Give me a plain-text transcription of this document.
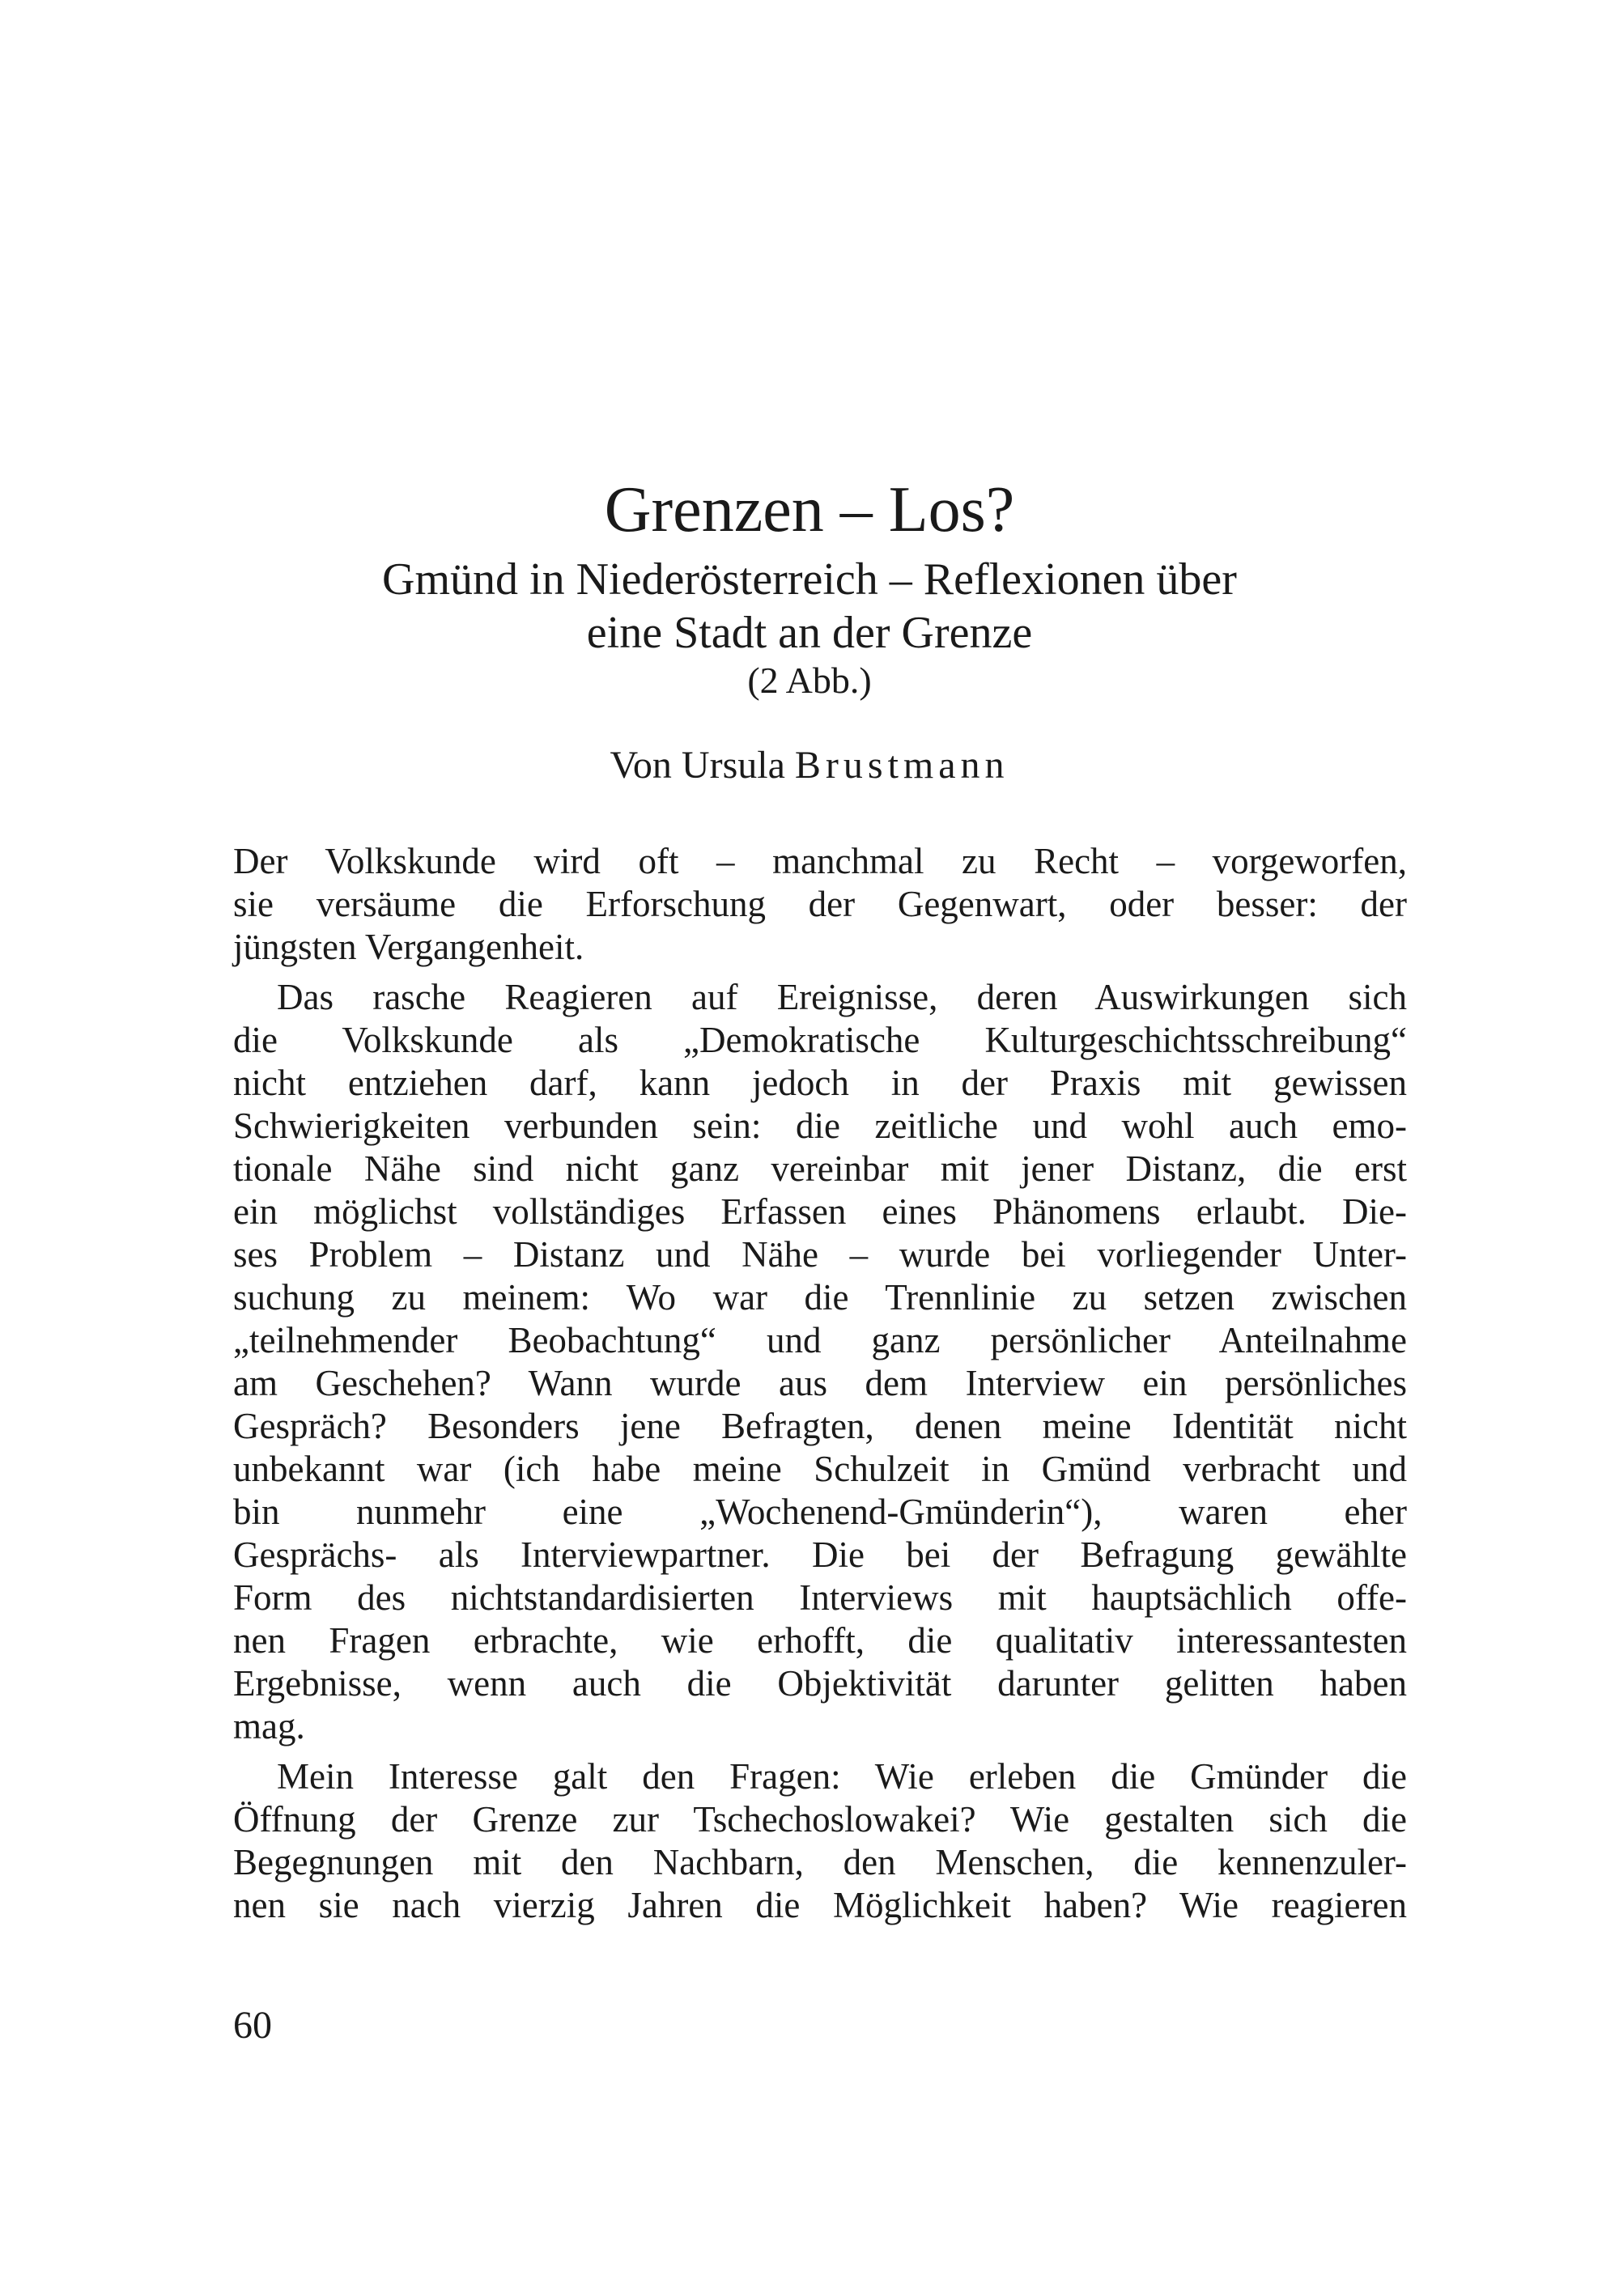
Grenzen – Los?
Gmünd in Niederösterreich – Reflexionen über
eine Stadt an der Grenze
(2 Abb.)
Von Ursula Brustmann
Der Volkskunde wird oft – manchmal zu Recht – vorgeworfen,
sie versäume die Erforschung der Gegenwart, oder besser: der
jüngsten Vergangenheit.
Das rasche Reagieren auf Ereignisse, deren Auswirkungen sich
die Volkskunde als „Demokratische Kulturgeschichtsschreibung“
nicht entziehen darf, kann jedoch in der Praxis mit gewissen
Schwierigkeiten verbunden sein: die zeitliche und wohl auch emo-
tionale Nähe sind nicht ganz vereinbar mit jener Distanz, die erst
ein möglichst vollständiges Erfassen eines Phänomens erlaubt. Die-
ses Problem – Distanz und Nähe – wurde bei vorliegender Unter-
suchung zu meinem: Wo war die Trennlinie zu setzen zwischen
„teilnehmender Beobachtung“ und ganz persönlicher Anteilnahme
am Geschehen? Wann wurde aus dem Interview ein persönliches
Gespräch? Besonders jene Befragten, denen meine Identität nicht
unbekannt war (ich habe meine Schulzeit in Gmünd verbracht und
bin nunmehr eine „Wochenend-Gmünderin“), waren eher
Gesprächs- als Interviewpartner. Die bei der Befragung gewählte
Form des nichtstandardisierten Interviews mit hauptsächlich offe-
nen Fragen erbrachte, wie erhofft, die qualitativ interessantesten
Ergebnisse, wenn auch die Objektivität darunter gelitten haben
mag.
Mein Interesse galt den Fragen: Wie erleben die Gmünder die
Öffnung der Grenze zur Tschechoslowakei? Wie gestalten sich die
Begegnungen mit den Nachbarn, den Menschen, die kennenzuler-
nen sie nach vierzig Jahren die Möglichkeit haben? Wie reagieren
60
